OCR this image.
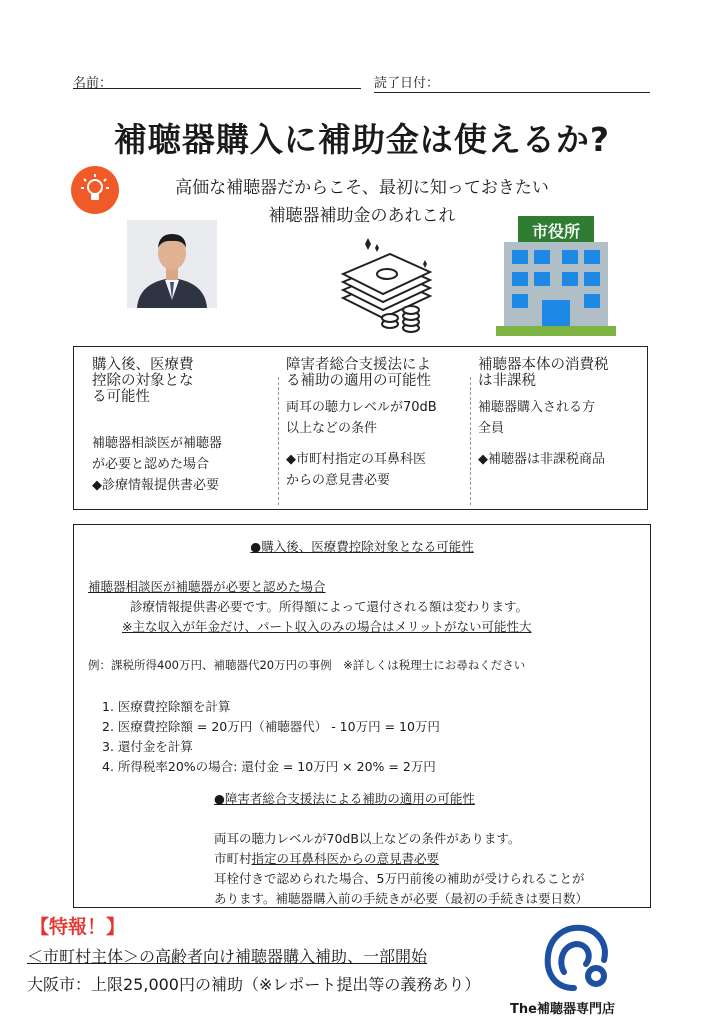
名前：	読了日付：
補聴器購入に補助金は使えるか?
高価な補聴器だからこそ、最初に知っておきたい
補聴器補助金のあれこれ
市役所
購入後、医療費
控除の対象とな
る可能性
補聴器相談医が補聴器
が必要と認めた場合
◆診療情報提供書必要
障害者総合支援法によ
る補助の適用の可能性
両耳の聴力レベルが70dB
以上などの条件
◆市町村指定の耳鼻科医
からの意見書必要
補聴器本体の消費税
は非課税
補聴器購入される方
全員
◆補聴器は非課税商品
●購入後、医療費控除対象となる可能性
補聴器相談医が補聴器が必要と認めた場合
診療情報提供書必要です。所得額によって還付される額は変わります。
※主な収入が年金だけ、パート収入のみの場合はメリットがない可能性大
例：課税所得400万円、補聴器代20万円の事例　※詳しくは税理士にお尋ねください
1. 医療費控除額を計算
2. 医療費控除額 = 20万円（補聴器代） - 10万円 = 10万円
3. 還付金を計算
4. 所得税率20%の場合: 還付金 = 10万円 × 20% = 2万円
●障害者総合支援法による補助の適用の可能性
両耳の聴力レベルが70dB以上などの条件があります。
市町村指定の耳鼻科医からの意見書必要
耳栓付きで認められた場合、5万円前後の補助が受けられることが
あります。補聴器購入前の手続きが必要（最初の手続きは要日数）
【特報！】
＜市町村主体＞の高齢者向け補聴器購入補助、一部開始
大阪市：上限25,000円の補助（※レポート提出等の義務あり）
The補聴器専門店
